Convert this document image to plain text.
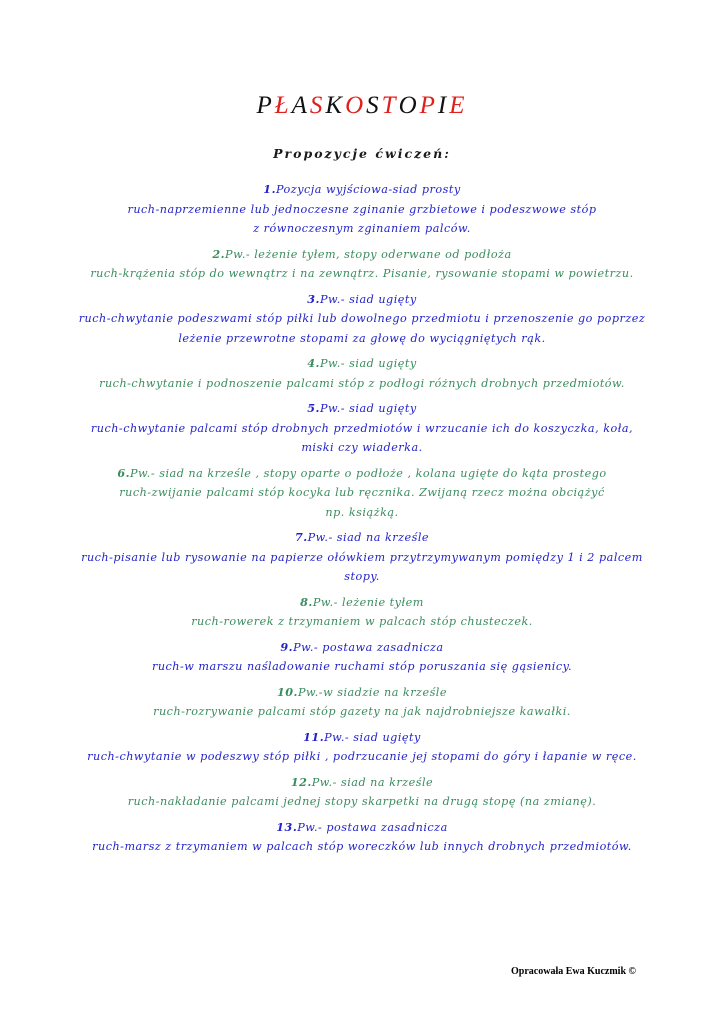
PŁASKOSTOPIE
Propozycje ćwiczeń:
1.Pozycja wyjściowa-siad prosty
ruch-naprzemienne lub jednoczesne zginanie grzbietowe i podeszwowe stóp
z równoczesnym zginaniem palców.
2.Pw.- leżenie tyłem, stopy oderwane od podłoża
ruch-krążenia stóp do wewnątrz i na zewnątrz. Pisanie, rysowanie stopami w powietrzu.
3.Pw.- siad ugięty
ruch-chwytanie podeszwami stóp piłki lub dowolnego przedmiotu i przenoszenie go poprzez
leżenie przewrotne stopami za głowę do wyciągniętych rąk.
4.Pw.- siad ugięty
ruch-chwytanie i podnoszenie palcami stóp z podłogi różnych drobnych przedmiotów.
5.Pw.- siad ugięty
ruch-chwytanie palcami stóp drobnych przedmiotów i wrzucanie ich do koszyczka, koła,
miski czy wiaderka.
6.Pw.- siad na krześle , stopy oparte o podłoże , kolana ugięte do kąta prostego
ruch-zwijanie palcami stóp kocyka lub ręcznika. Zwijaną rzecz można obciążyć
np. książką.
7.Pw.- siad na krześle
ruch-pisanie lub rysowanie na papierze ołówkiem przytrzymywanym pomiędzy 1 i 2 palcem
stopy.
8.Pw.- leżenie tyłem
ruch-rowerek z trzymaniem w palcach stóp chusteczek.
9.Pw.- postawa zasadnicza
ruch-w marszu naśladowanie ruchami stóp poruszania się gąsienicy.
10.Pw.-w siadzie na krześle
ruch-rozrywanie palcami stóp gazety na jak najdrobniejsze kawałki.
11.Pw.- siad ugięty
ruch-chwytanie w podeszwy stóp piłki , podrzucanie jej stopami do góry i łapanie w ręce.
12.Pw.- siad na krześle
ruch-nakładanie palcami jednej stopy skarpetki na drugą stopę (na zmianę).
13.Pw.- postawa zasadnicza
ruch-marsz z trzymaniem w palcach stóp woreczków lub innych drobnych przedmiotów.
Opracowała Ewa Kuczmik ©
